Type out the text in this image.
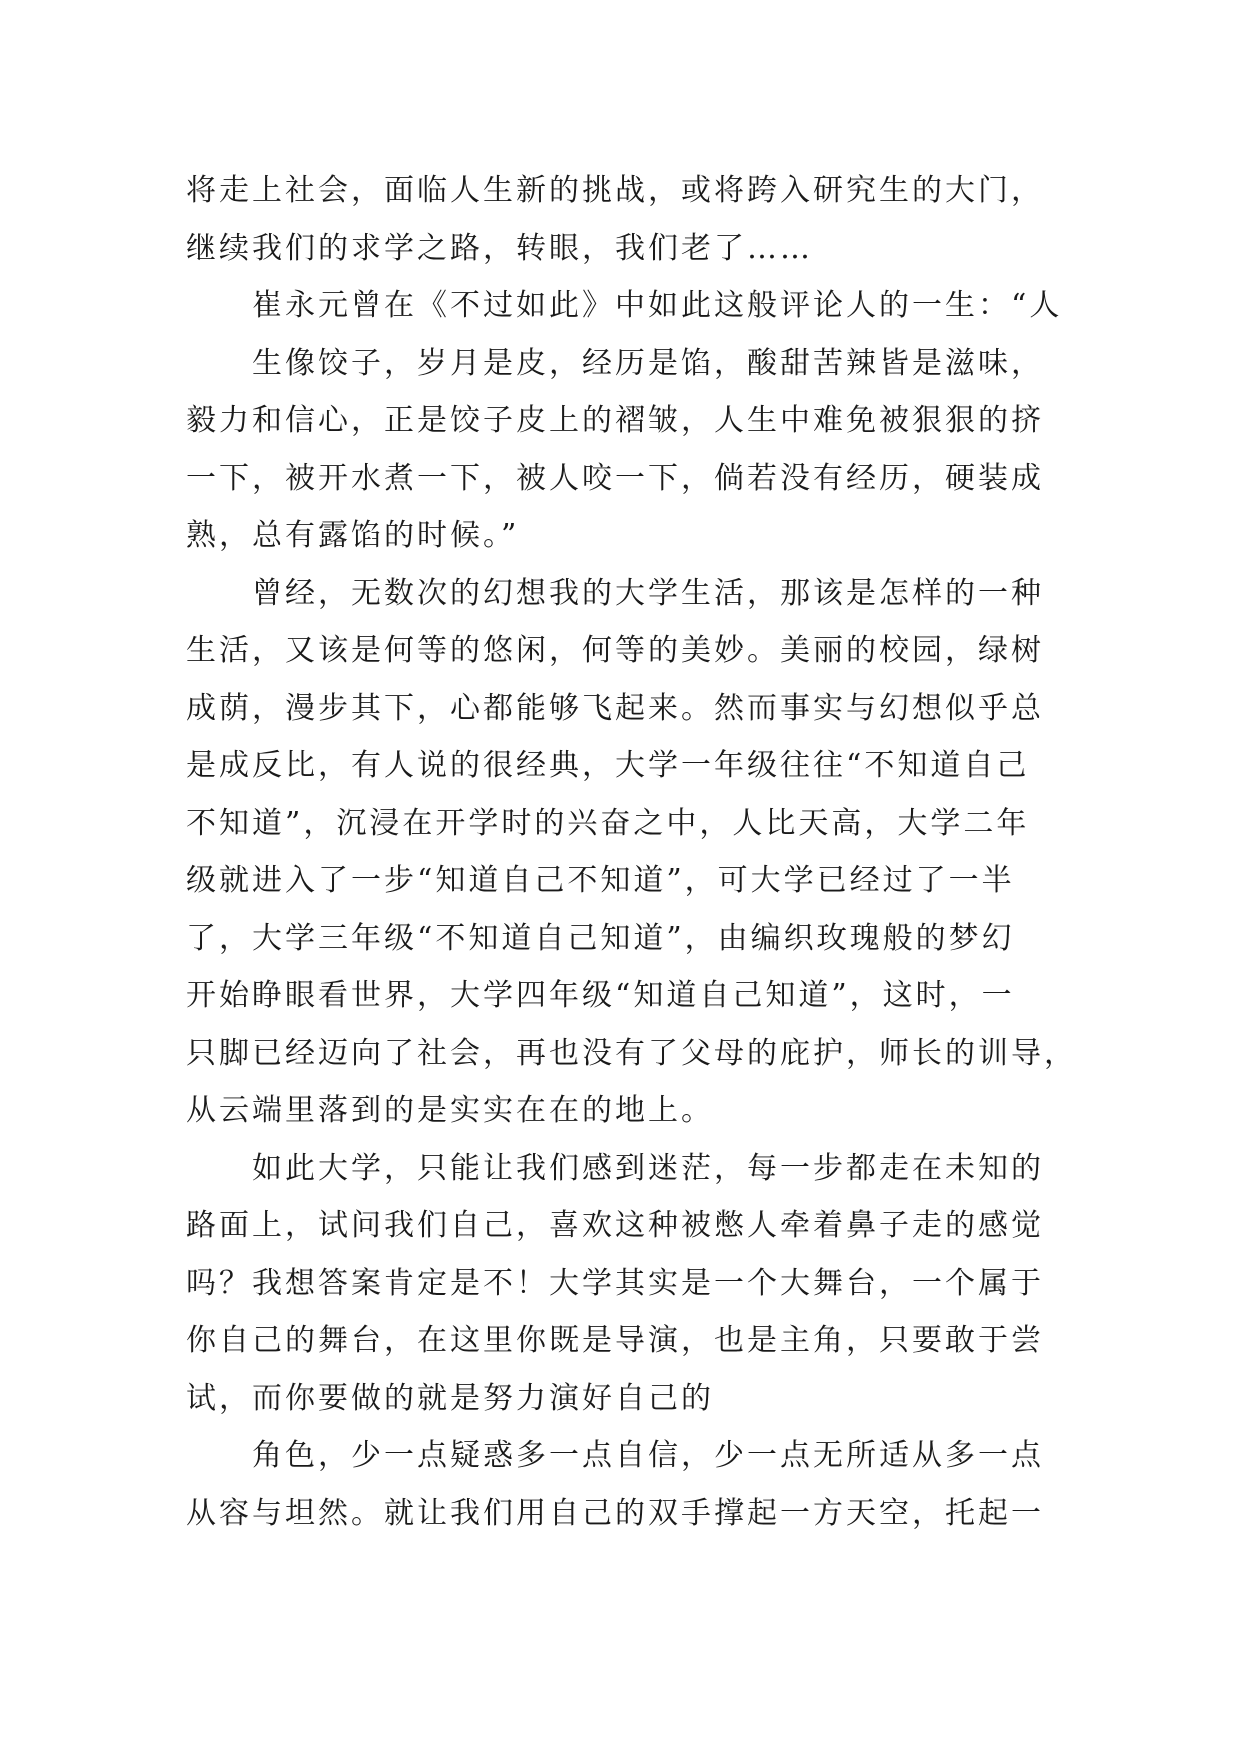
将走上社会，面临人生新的挑战，或将跨入研究生的大门，
继续我们的求学之路，转眼，我们老了……
崔永元曾在《不过如此》中如此这般评论人的一生：“人
生像饺子，岁月是皮，经历是馅，酸甜苦辣皆是滋味，
毅力和信心，正是饺子皮上的褶皱，人生中难免被狠狠的挤
一下，被开水煮一下，被人咬一下，倘若没有经历，硬装成
熟，总有露馅的时候。”
曾经，无数次的幻想我的大学生活，那该是怎样的一种
生活，又该是何等的悠闲，何等的美妙。美丽的校园，绿树
成荫，漫步其下，心都能够飞起来。然而事实与幻想似乎总
是成反比，有人说的很经典，大学一年级往往“不知道自己
不知道”，沉浸在开学时的兴奋之中，人比天高，大学二年
级就进入了一步“知道自己不知道”，可大学已经过了一半
了，大学三年级“不知道自己知道”，由编织玫瑰般的梦幻
开始睁眼看世界，大学四年级“知道自己知道”，这时，一
只脚已经迈向了社会，再也没有了父母的庇护，师长的训导，
从云端里落到的是实实在在的地上。
如此大学，只能让我们感到迷茫，每一步都走在未知的
路面上，试问我们自己，喜欢这种被憋人牵着鼻子走的感觉
吗？我想答案肯定是不！大学其实是一个大舞台，一个属于
你自己的舞台，在这里你既是导演，也是主角，只要敢于尝
试，而你要做的就是努力演好自己的
角色，少一点疑惑多一点自信，少一点无所适从多一点
从容与坦然。就让我们用自己的双手撑起一方天空，托起一
